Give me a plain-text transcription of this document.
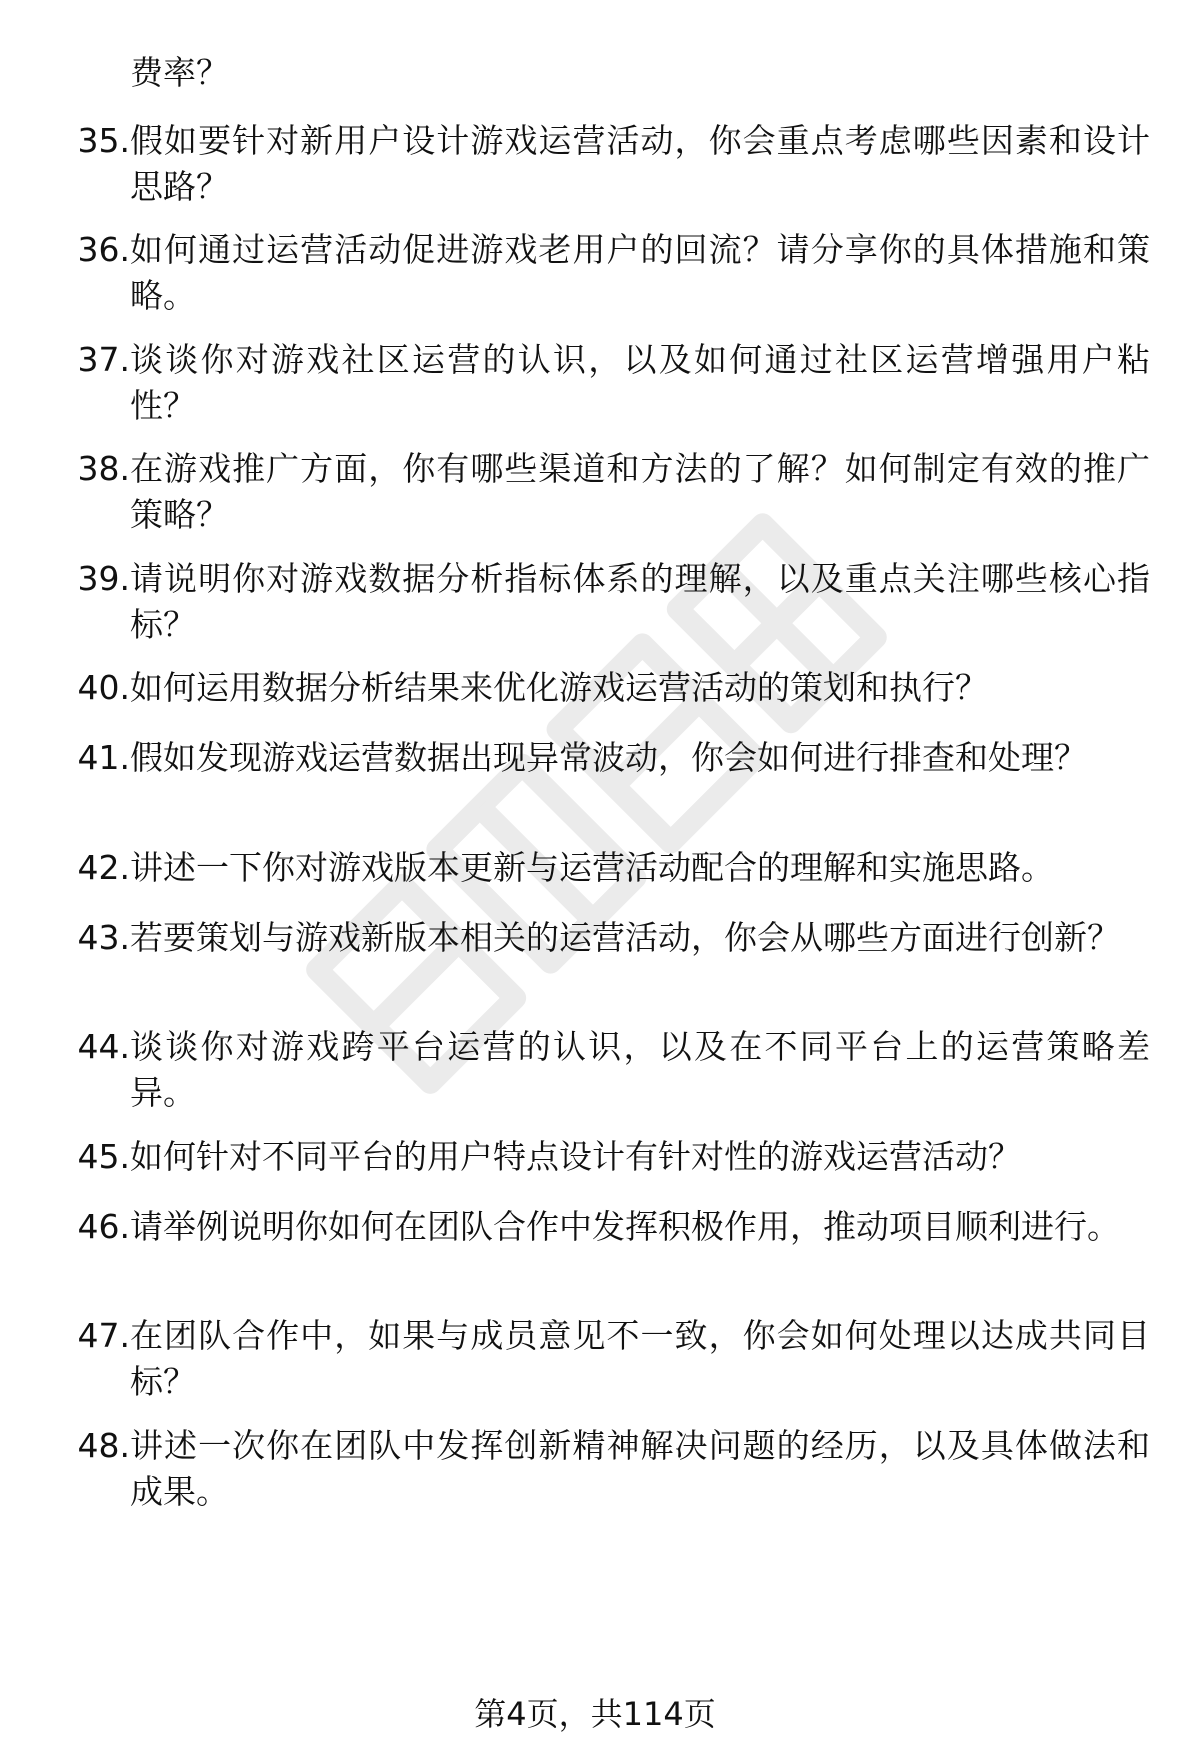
费率？
35. 假如要针对新用户设计游戏运营活动，你会重点考虑哪些因素和设计思路？
36. 如何通过运营活动促进游戏老用户的回流？请分享你的具体措施和策略。
37. 谈谈你对游戏社区运营的认识，以及如何通过社区运营增强用户粘性？
38. 在游戏推广方面，你有哪些渠道和方法的了解？如何制定有效的推广策略？
39. 请说明你对游戏数据分析指标体系的理解，以及重点关注哪些核心指标？
40. 如何运用数据分析结果来优化游戏运营活动的策划和执行？
41. 假如发现游戏运营数据出现异常波动，你会如何进行排查和处理？
42. 讲述一下你对游戏版本更新与运营活动配合的理解和实施思路。
43. 若要策划与游戏新版本相关的运营活动，你会从哪些方面进行创新？
44. 谈谈你对游戏跨平台运营的认识，以及在不同平台上的运营策略差异。
45. 如何针对不同平台的用户特点设计有针对性的游戏运营活动？
46. 请举例说明你如何在团队合作中发挥积极作用，推动项目顺利进行。
47. 在团队合作中，如果与成员意见不一致，你会如何处理以达成共同目标？
48. 讲述一次你在团队中发挥创新精神解决问题的经历，以及具体做法和成果。
第4页，共114页
